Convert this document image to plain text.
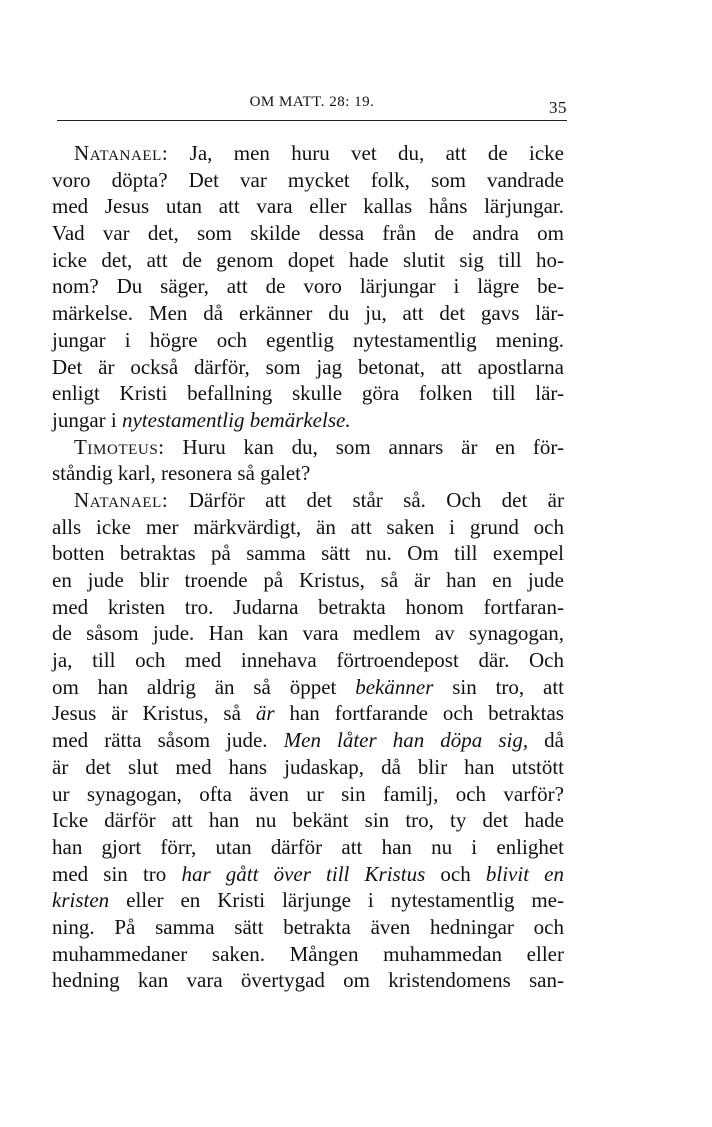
OM MATT. 28: 19.	35
Natanael: Ja, men huru vet du, att de icke
voro döpta? Det var mycket folk, som vandrade
med Jesus utan att vara eller kallas håns lärjungar.
Vad var det, som skilde dessa från de andra om
icke det, att de genom dopet hade slutit sig till ho-
nom? Du säger, att de voro lärjungar i lägre be-
märkelse. Men då erkänner du ju, att det gavs lär-
jungar i högre och egentlig nytestamentlig mening.
Det är också därför, som jag betonat, att apostlarna
enligt Kristi befallning skulle göra folken till lär-
jungar i nytestamentlig bemärkelse.
Timoteus: Huru kan du, som annars är en för-
ståndig karl, resonera så galet?
Natanael: Därför att det står så. Och det är
alls icke mer märkvärdigt, än att saken i grund och
botten betraktas på samma sätt nu. Om till exempel
en jude blir troende på Kristus, så är han en jude
med kristen tro. Judarna betrakta honom fortfaran-
de såsom jude. Han kan vara medlem av synagogan,
ja, till och med innehava förtroendepost där. Och
om han aldrig än så öppet bekänner sin tro, att
Jesus är Kristus, så är han fortfarande och betraktas
med rätta såsom jude. Men låter han döpa sig, då
är det slut med hans judaskap, då blir han utstött
ur synagogan, ofta även ur sin familj, och varför?
Icke därför att han nu bekänt sin tro, ty det hade
han gjort förr, utan därför att han nu i enlighet
med sin tro har gått över till Kristus och blivit en
kristen eller en Kristi lärjunge i nytestamentlig me-
ning. På samma sätt betrakta även hedningar och
muhammedaner saken. Mången muhammedan eller
hedning kan vara övertygad om kristendomens san-
